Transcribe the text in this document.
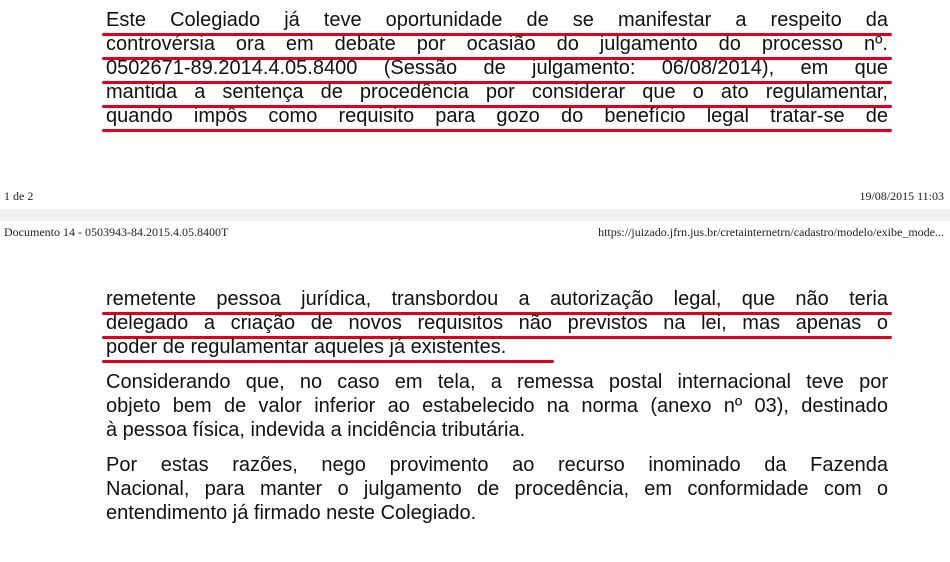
Este Colegiado já teve oportunidade de se manifestar a respeito da
controvérsia ora em debate por ocasião do julgamento do processo nº.
0502671-89.2014.4.05.8400 (Sessão de julgamento: 06/08/2014), em que
mantida a sentença de procedência por considerar que o ato regulamentar,
quando impôs como requisito para gozo do benefício legal tratar-se de
1 de 2	19/08/2015 11:03
Documento 14 - 0503943-84.2015.4.05.8400T	https://juizado.jfrn.jus.br/cretainternetrn/cadastro/modelo/exibe_mode...
remetente pessoa jurídica, transbordou a autorização legal, que não teria
delegado a criação de novos requisitos não previstos na lei, mas apenas o
poder de regulamentar aqueles já existentes.
Considerando que, no caso em tela, a remessa postal internacional teve por
objeto bem de valor inferior ao estabelecido na norma (anexo nº 03), destinado
à pessoa física, indevida a incidência tributária.
Por estas razões, nego provimento ao recurso inominado da Fazenda
Nacional, para manter o julgamento de procedência, em conformidade com o
entendimento já firmado neste Colegiado.
